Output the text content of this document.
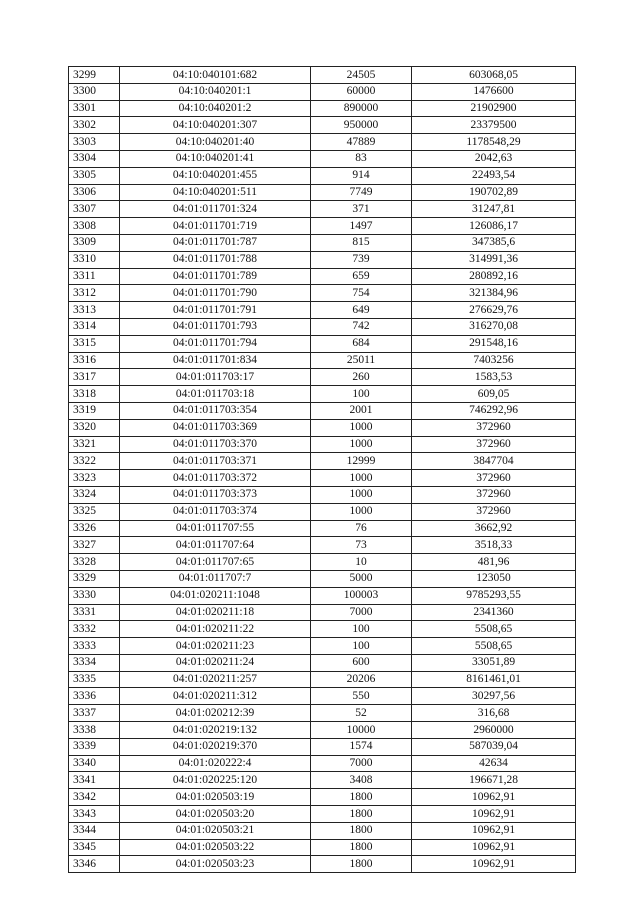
3299	04:10:040101:682	24505	603068,05
3300	04:10:040201:1	60000	1476600
3301	04:10:040201:2	890000	21902900
3302	04:10:040201:307	950000	23379500
3303	04:10:040201:40	47889	1178548,29
3304	04:10:040201:41	83	2042,63
3305	04:10:040201:455	914	22493,54
3306	04:10:040201:511	7749	190702,89
3307	04:01:011701:324	371	31247,81
3308	04:01:011701:719	1497	126086,17
3309	04:01:011701:787	815	347385,6
3310	04:01:011701:788	739	314991,36
3311	04:01:011701:789	659	280892,16
3312	04:01:011701:790	754	321384,96
3313	04:01:011701:791	649	276629,76
3314	04:01:011701:793	742	316270,08
3315	04:01:011701:794	684	291548,16
3316	04:01:011701:834	25011	7403256
3317	04:01:011703:17	260	1583,53
3318	04:01:011703:18	100	609,05
3319	04:01:011703:354	2001	746292,96
3320	04:01:011703:369	1000	372960
3321	04:01:011703:370	1000	372960
3322	04:01:011703:371	12999	3847704
3323	04:01:011703:372	1000	372960
3324	04:01:011703:373	1000	372960
3325	04:01:011703:374	1000	372960
3326	04:01:011707:55	76	3662,92
3327	04:01:011707:64	73	3518,33
3328	04:01:011707:65	10	481,96
3329	04:01:011707:7	5000	123050
3330	04:01:020211:1048	100003	9785293,55
3331	04:01:020211:18	7000	2341360
3332	04:01:020211:22	100	5508,65
3333	04:01:020211:23	100	5508,65
3334	04:01:020211:24	600	33051,89
3335	04:01:020211:257	20206	8161461,01
3336	04:01:020211:312	550	30297,56
3337	04:01:020212:39	52	316,68
3338	04:01:020219:132	10000	2960000
3339	04:01:020219:370	1574	587039,04
3340	04:01:020222:4	7000	42634
3341	04:01:020225:120	3408	196671,28
3342	04:01:020503:19	1800	10962,91
3343	04:01:020503:20	1800	10962,91
3344	04:01:020503:21	1800	10962,91
3345	04:01:020503:22	1800	10962,91
3346	04:01:020503:23	1800	10962,91
